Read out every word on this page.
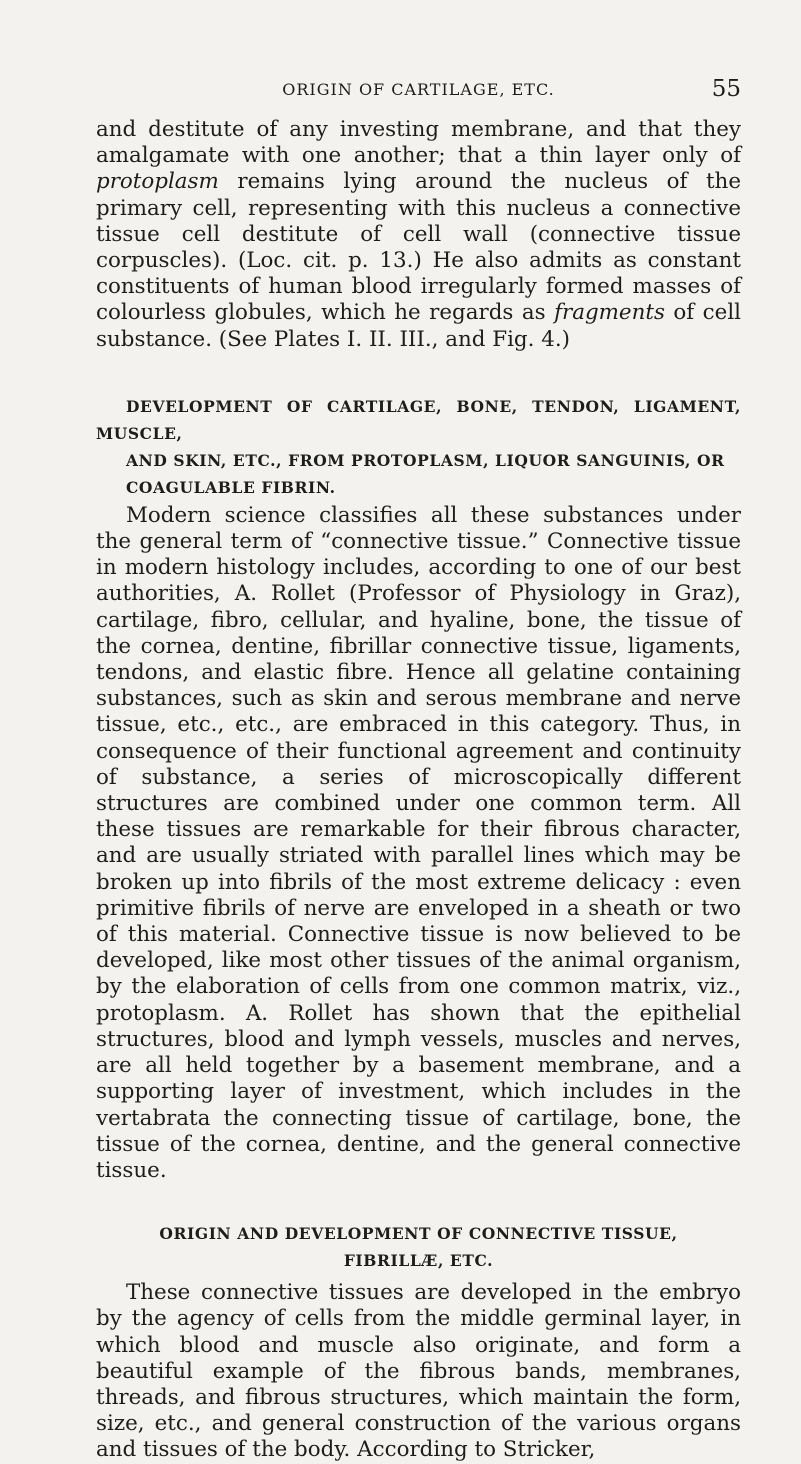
ORIGIN OF CARTILAGE, ETC.	55

and destitute of any investing membrane, and that they amalgamate with one another; that a thin layer only of protoplasm remains lying around the nucleus of the primary cell, representing with this nucleus a connective tissue cell destitute of cell wall (connective tissue corpuscles). (Loc. cit. p. 13.) He also admits as constant constituents of human blood irregularly formed masses of colourless globules, which he regards as fragments of cell substance. (See Plates I. II. III., and Fig. 4.)

DEVELOPMENT OF CARTILAGE, BONE, TENDON, LIGAMENT, MUSCLE,
AND SKIN, ETC., FROM PROTOPLASM, LIQUOR SANGUINIS, OR
COAGULABLE FIBRIN.

Modern science classifies all these substances under the general term of “connective tissue.” Connective tissue in modern histology includes, according to one of our best authorities, A. Rollet (Professor of Physiology in Graz), cartilage, fibro, cellular, and hyaline, bone, the tissue of the cornea, dentine, fibrillar connective tissue, ligaments, tendons, and elastic fibre. Hence all gelatine containing substances, such as skin and serous membrane and nerve tissue, etc., etc., are embraced in this category. Thus, in consequence of their functional agreement and continuity of substance, a series of microscopically different structures are combined under one common term. All these tissues are remarkable for their fibrous character, and are usually striated with parallel lines which may be broken up into fibrils of the most extreme delicacy : even primitive fibrils of nerve are enveloped in a sheath or two of this material. Connective tissue is now believed to be developed, like most other tissues of the animal organism, by the elaboration of cells from one common matrix, viz., protoplasm. A. Rollet has shown that the epithelial structures, blood and lymph vessels, muscles and nerves, are all held together by a basement membrane, and a supporting layer of investment, which includes in the vertabrata the connecting tissue of cartilage, bone, the tissue of the cornea, dentine, and the general connective tissue.

ORIGIN AND DEVELOPMENT OF CONNECTIVE TISSUE,
FIBRILLÆ, ETC.

These connective tissues are developed in the embryo by the agency of cells from the middle germinal layer, in which blood and muscle also originate, and form a beautiful example of the fibrous bands, membranes, threads, and fibrous structures, which maintain the form, size, etc., and general construction of the various organs and tissues of the body. According to Stricker,
